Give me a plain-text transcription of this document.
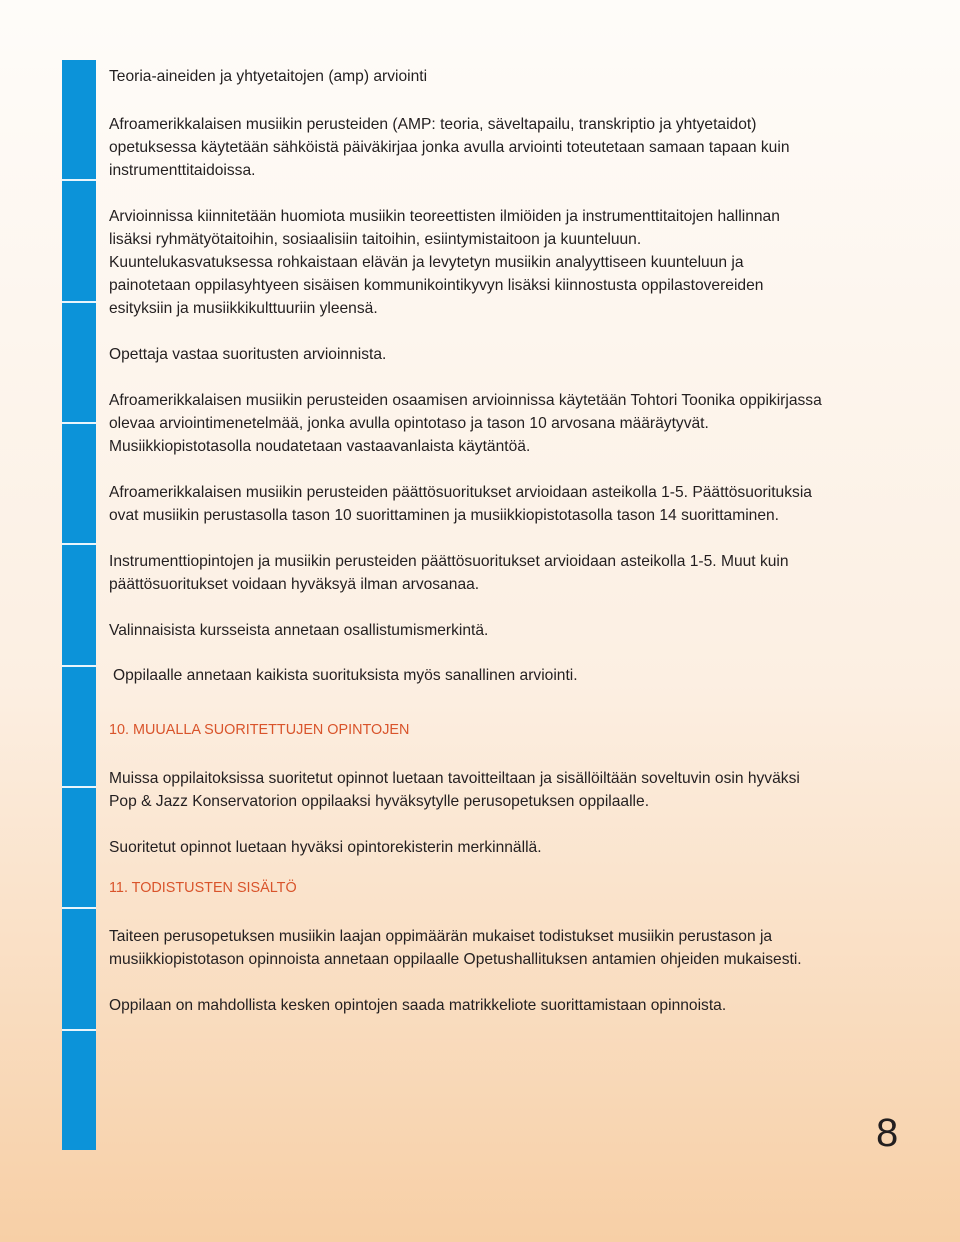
Teoria-aineiden ja yhtyetaitojen (amp) arviointi
Afroamerikkalaisen musiikin perusteiden (AMP: teoria, säveltapailu, transkriptio ja yhtyetaidot)
opetuksessa käytetään sähköistä päiväkirjaa jonka avulla arviointi toteutetaan samaan tapaan kuin
instrumenttitaidoissa.
Arvioinnissa kiinnitetään huomiota musiikin teoreettisten ilmiöiden ja instrumenttitaitojen hallinnan
lisäksi ryhmätyötaitoihin, sosiaalisiin taitoihin, esiintymistaitoon ja kuunteluun.
Kuuntelukasvatuksessa rohkaistaan elävän ja levytetyn musiikin analyyttiseen kuunteluun ja
painotetaan oppilasyhtyeen sisäisen kommunikointikyvyn lisäksi kiinnostusta oppilastovereiden
esityksiin ja musiikkikulttuuriin yleensä.
Opettaja vastaa suoritusten arvioinnista.
Afroamerikkalaisen musiikin perusteiden osaamisen arvioinnissa käytetään Tohtori Toonika oppikirjassa
olevaa arviointimenetelmää, jonka avulla opintotaso ja tason 10 arvosana määräytyvät.
Musiikkiopistotasolla noudatetaan vastaavanlaista käytäntöä.
Afroamerikkalaisen musiikin perusteiden päättösuoritukset arvioidaan asteikolla 1-5. Päättösuorituksia
ovat musiikin perustasolla tason 10 suorittaminen ja musiikkiopistotasolla tason 14 suorittaminen.
Instrumenttiopintojen ja musiikin perusteiden päättösuoritukset arvioidaan asteikolla 1-5. Muut kuin
päättösuoritukset voidaan hyväksyä ilman arvosanaa.
Valinnaisista kursseista annetaan osallistumismerkintä.
Oppilaalle annetaan kaikista suorituksista myös sanallinen arviointi.
10. MUUALLA SUORITETTUJEN OPINTOJEN
Muissa oppilaitoksissa suoritetut opinnot luetaan tavoitteiltaan ja sisällöiltään soveltuvin osin hyväksi
Pop & Jazz Konservatorion oppilaaksi hyväksytylle perusopetuksen oppilaalle.
Suoritetut opinnot luetaan hyväksi opintorekisterin merkinnällä.
11. TODISTUSTEN SISÄLTÖ
Taiteen perusopetuksen musiikin laajan oppimäärän mukaiset todistukset musiikin perustason ja
musiikkiopistotason opinnoista annetaan oppilaalle Opetushallituksen antamien ohjeiden mukaisesti.
Oppilaan on mahdollista kesken opintojen saada matrikkeliote suorittamistaan opinnoista.
8
